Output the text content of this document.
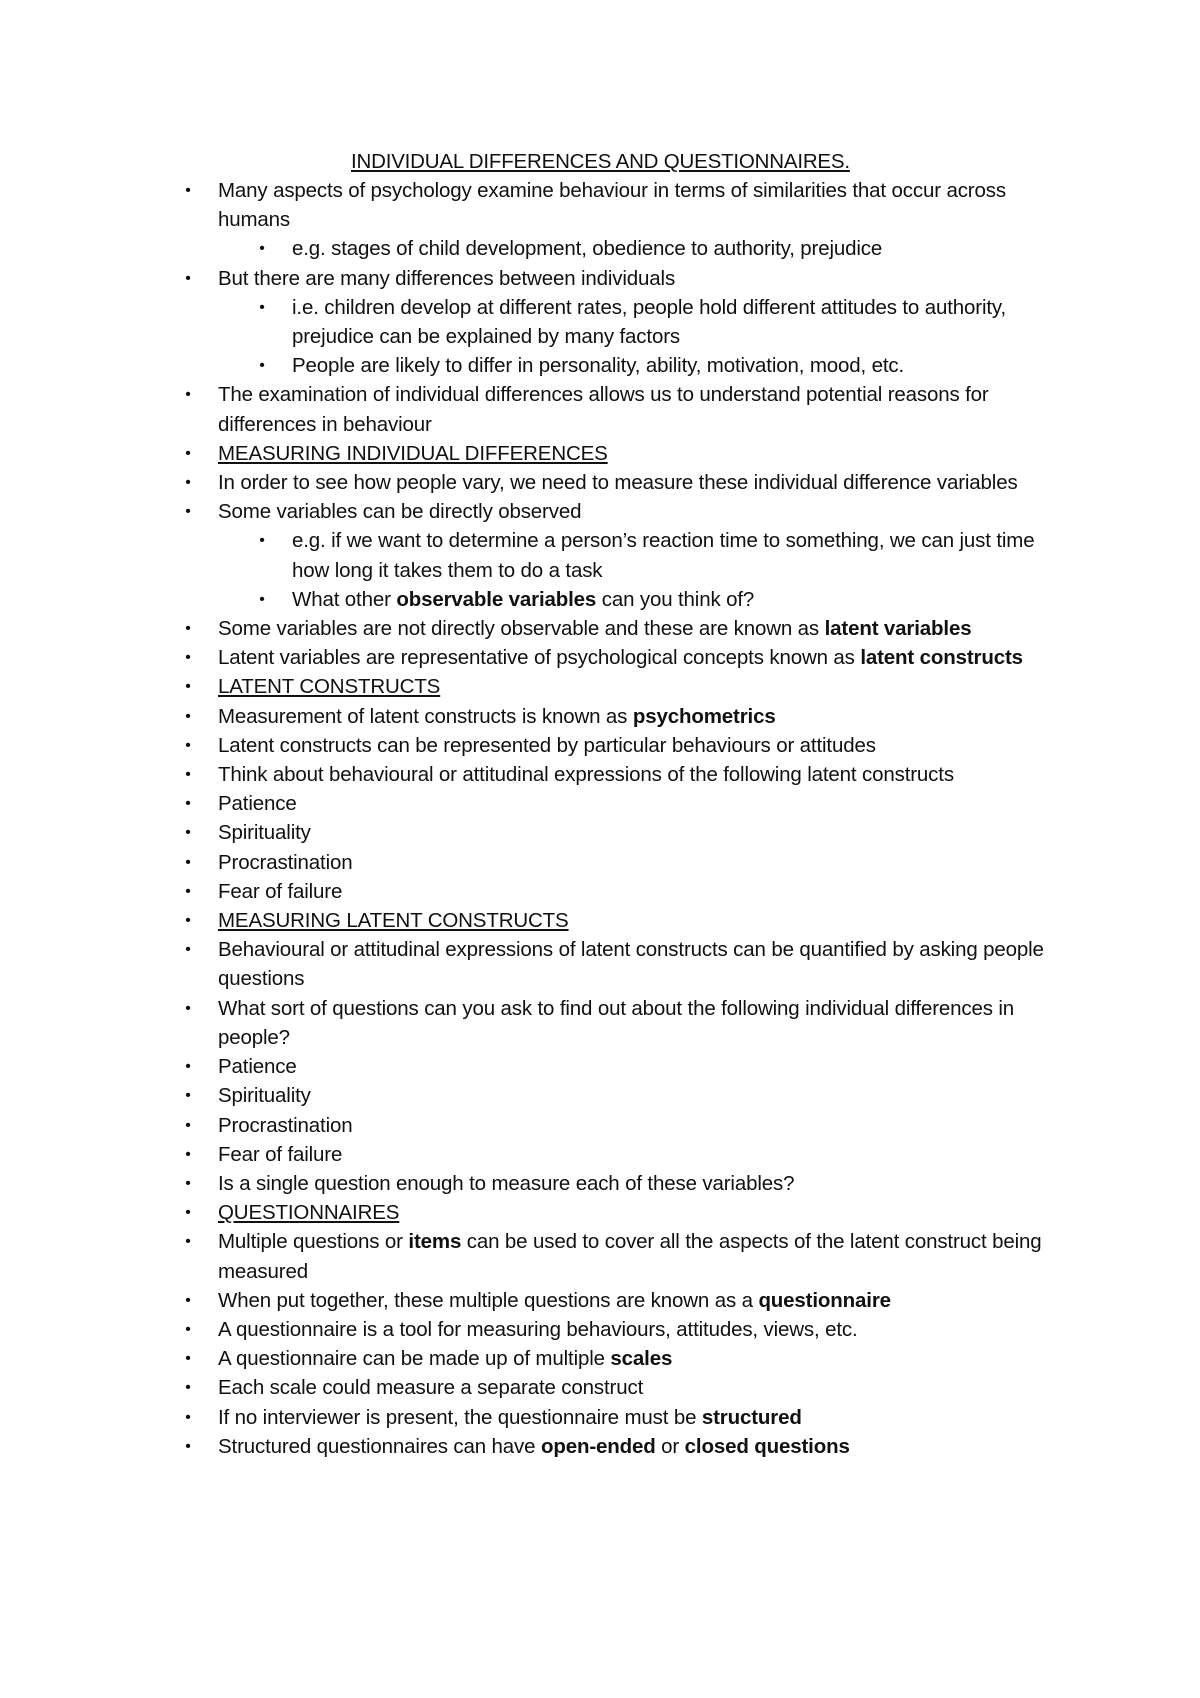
INDIVIDUAL DIFFERENCES AND QUESTIONNAIRES.
• Many aspects of psychology examine behaviour in terms of similarities that occur across humans
• e.g. stages of child development, obedience to authority, prejudice
• But there are many differences between individuals
• i.e. children develop at different rates, people hold different attitudes to authority, prejudice can be explained by many factors
• People are likely to differ in personality, ability, motivation, mood, etc.
• The examination of individual differences allows us to understand potential reasons for differences in behaviour
• MEASURING INDIVIDUAL DIFFERENCES
• In order to see how people vary, we need to measure these individual difference variables
• Some variables can be directly observed
• e.g. if we want to determine a person’s reaction time to something, we can just time how long it takes them to do a task
• What other observable variables can you think of?
• Some variables are not directly observable and these are known as latent variables
• Latent variables are representative of psychological concepts known as latent constructs
• LATENT CONSTRUCTS
• Measurement of latent constructs is known as psychometrics
• Latent constructs can be represented by particular behaviours or attitudes
• Think about behavioural or attitudinal expressions of the following latent constructs
• Patience
• Spirituality
• Procrastination
• Fear of failure
• MEASURING LATENT CONSTRUCTS
• Behavioural or attitudinal expressions of latent constructs can be quantified by asking people questions
• What sort of questions can you ask to find out about the following individual differences in people?
• Patience
• Spirituality
• Procrastination
• Fear of failure
• Is a single question enough to measure each of these variables?
• QUESTIONNAIRES
• Multiple questions or items can be used to cover all the aspects of the latent construct being measured
• When put together, these multiple questions are known as a questionnaire
• A questionnaire is a tool for measuring behaviours, attitudes, views, etc.
• A questionnaire can be made up of multiple scales
• Each scale could measure a separate construct
• If no interviewer is present, the questionnaire must be structured
• Structured questionnaires can have open-ended or closed questions
